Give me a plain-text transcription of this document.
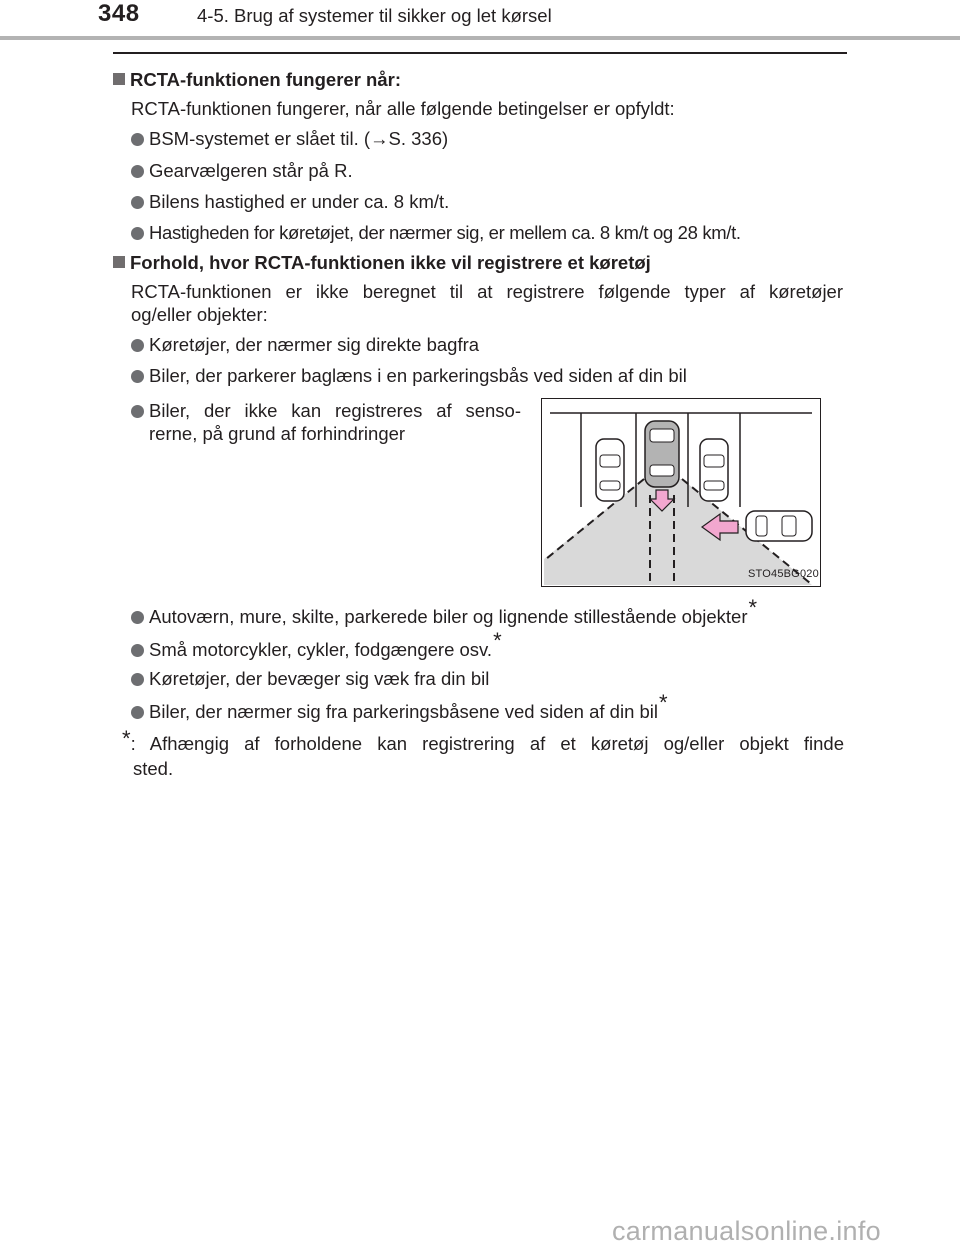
348	4-5. Brug af systemer til sikker og let kørsel
RCTA-funktionen fungerer når:
RCTA-funktionen fungerer, når alle følgende betingelser er opfyldt:
BSM-systemet er slået til. (→S. 336)
Gearvælgeren står på R.
Bilens hastighed er under ca. 8 km/t.
Hastigheden for køretøjet, der nærmer sig, er mellem ca. 8 km/t og 28 km/t.
Forhold, hvor RCTA-funktionen ikke vil registrere et køretøj
RCTA-funktionen er ikke beregnet til at registrere følgende typer af køretøjer
og/eller objekter:
Køretøjer, der nærmer sig direkte bagfra
Biler, der parkerer baglæns i en parkeringsbås ved siden af din bil
Biler, der ikke kan registreres af senso-
rerne, på grund af forhindringer
STO45BG020
Autoværn, mure, skilte, parkerede biler og lignende stillestående objekter*
Små motorcykler, cykler, fodgængere osv.*
Køretøjer, der bevæger sig væk fra din bil
Biler, der nærmer sig fra parkeringsbåsene ved siden af din bil*
*: Afhængig af forholdene kan registrering af et køretøj og/eller objekt finde
sted.
carmanualsonline.info
